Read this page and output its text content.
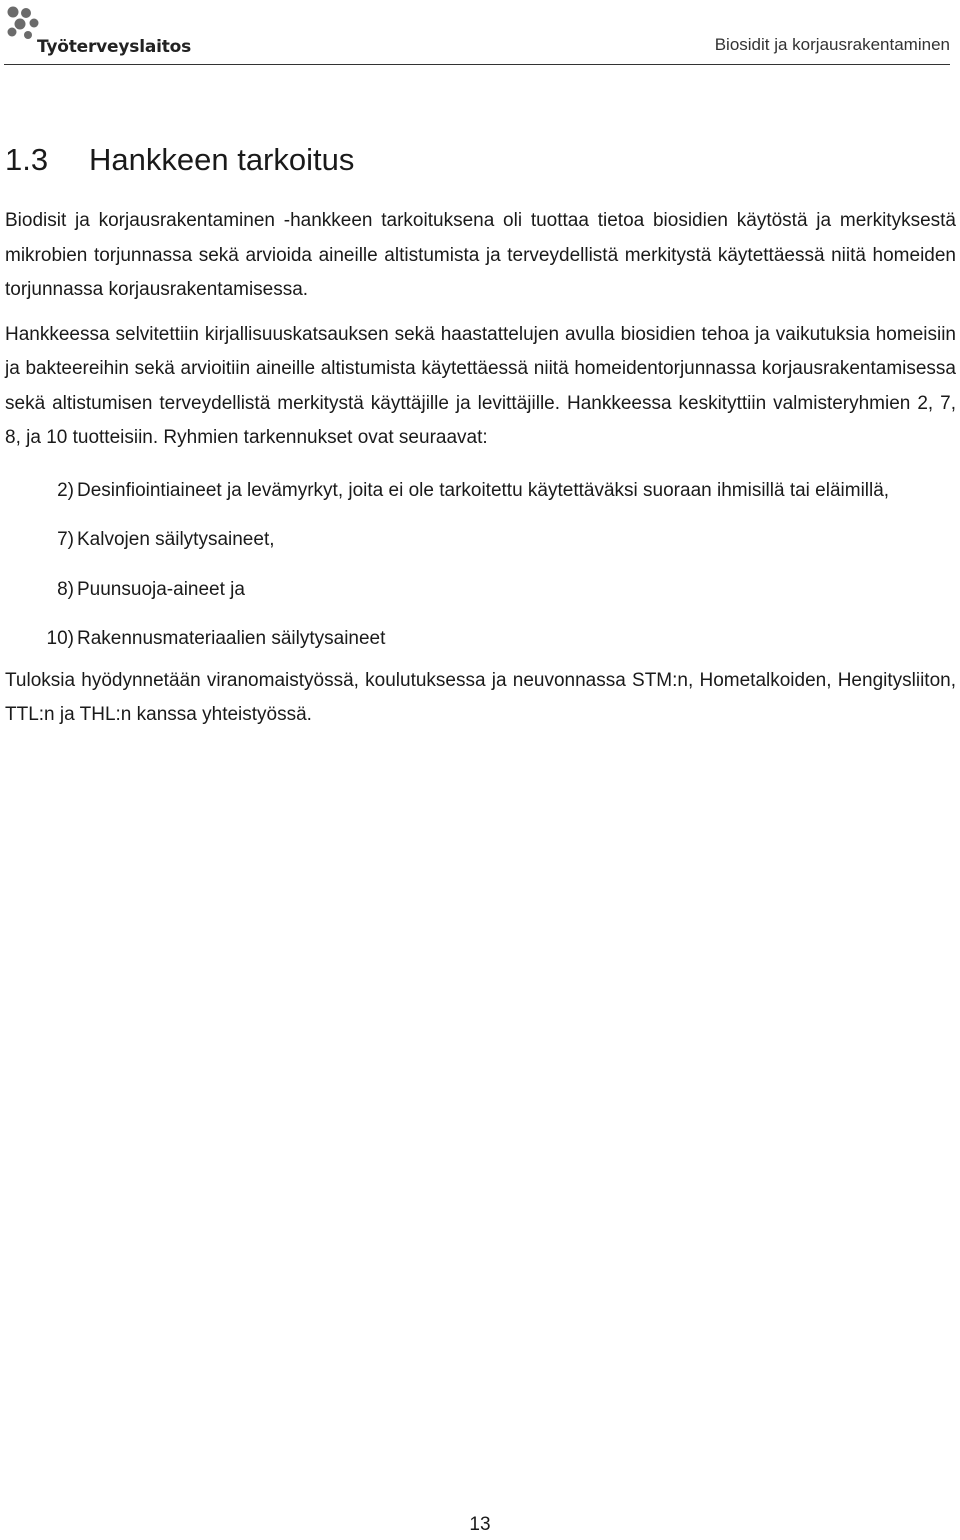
Työterveyslaitos	Biosidit ja korjausrakentaminen
1.3 Hankkeen tarkoitus

Biodisit ja korjausrakentaminen -hankkeen tarkoituksena oli tuottaa tietoa biosidien käytöstä ja merkityksestä mikrobien torjunnassa sekä arvioida aineille altistumista ja terveydellistä merkitystä käytettäessä niitä homeiden torjunnassa korjausrakentamisessa.

Hankkeessa selvitettiin kirjallisuuskatsauksen sekä haastattelujen avulla biosidien tehoa ja vaikutuksia homeisiin ja bakteereihin sekä arvioitiin aineille altistumista käytettäessä niitä homeidentorjunnassa korjausrakentamisessa sekä altistumisen terveydellistä merkitystä käyttäjille ja levittäjille. Hankkeessa keskityttiin valmisteryhmien 2, 7, 8, ja 10 tuotteisiin. Ryhmien tarkennukset ovat seuraavat:

2) Desinfiointiaineet ja levämyrkyt, joita ei ole tarkoitettu käytettäväksi suoraan ihmisillä tai eläimillä,
7) Kalvojen säilytysaineet,
8) Puunsuoja-aineet ja
10) Rakennusmateriaalien säilytysaineet

Tuloksia hyödynnetään viranomaistyössä, koulutuksessa ja neuvonnassa STM:n, Hometalkoiden, Hengitysliiton, TTL:n ja THL:n kanssa yhteistyössä.

13
